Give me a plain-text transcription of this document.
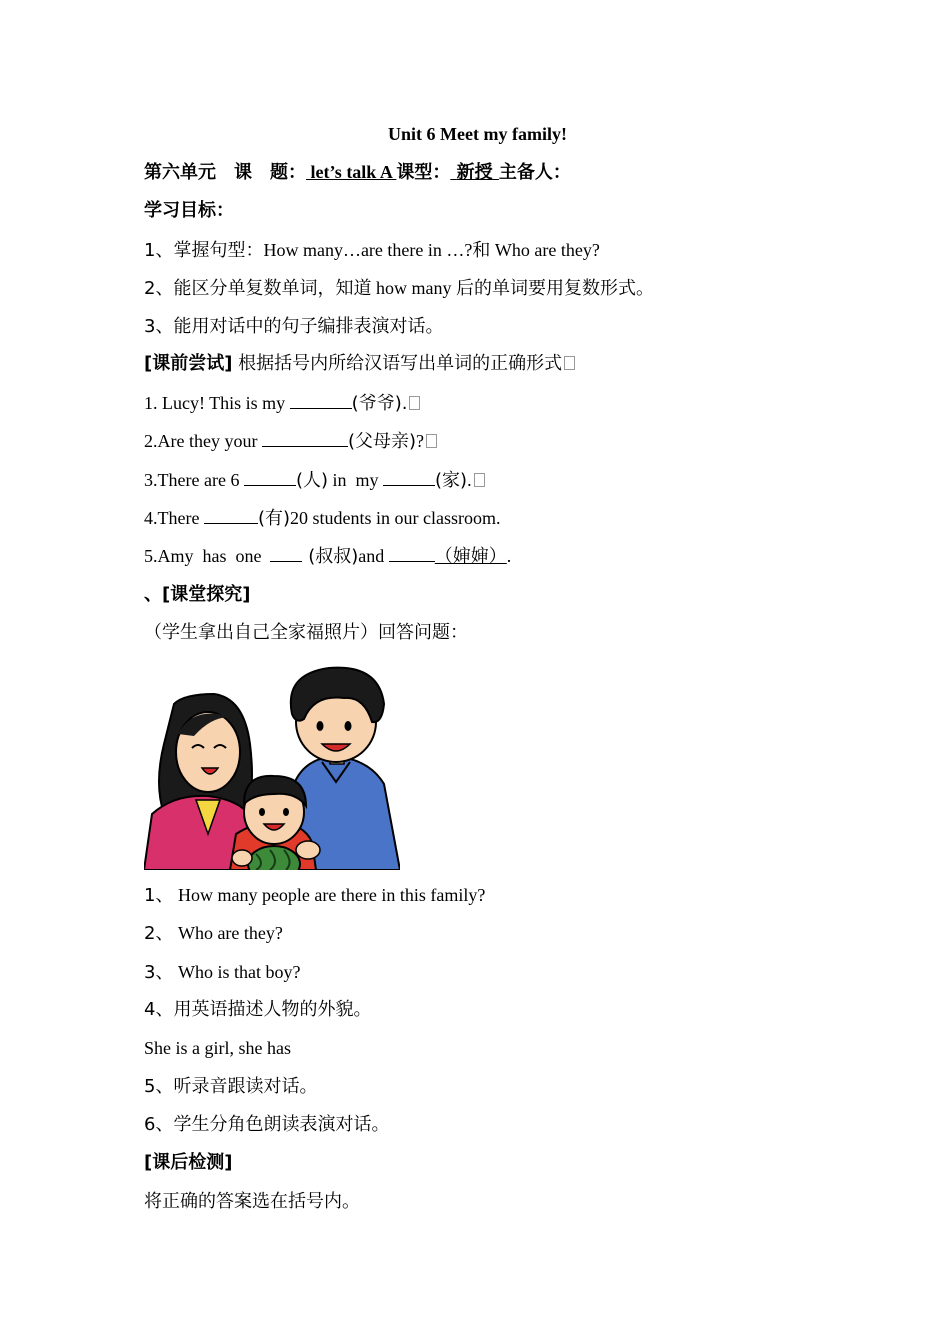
Unit 6 Meet my family!
第六单元　 课　题： let’s talk A 课型： 新授 主备人：
学习目标：
1、掌握句型：How many…are there in …?和 Who are they?
2、能区分单复数单词，知道 how many 后的单词要用复数形式。
3、能用对话中的句子编排表演对话。
[课前尝试] 根据括号内所给汉语写出单词的正确形式
1. Lucy! This is my	(爷爷).
2.Are they your	(父母亲)?
3.There are 6	(人) in  my	(家).
4.There	(有)20 students in our classroom.
5.Amy  has  one   (叔叔)and	（婶婶）.
、[课堂探究]
（学生拿出自己全家福照片）回答问题：
1、 How many people are there in this family?
2、 Who are they?
3、 Who is that boy?
4、用英语描述人物的外貌。
She is a girl, she has
5、听录音跟读对话。
6、学生分角色朗读表演对话。
[课后检测]
将正确的答案选在括号内。
